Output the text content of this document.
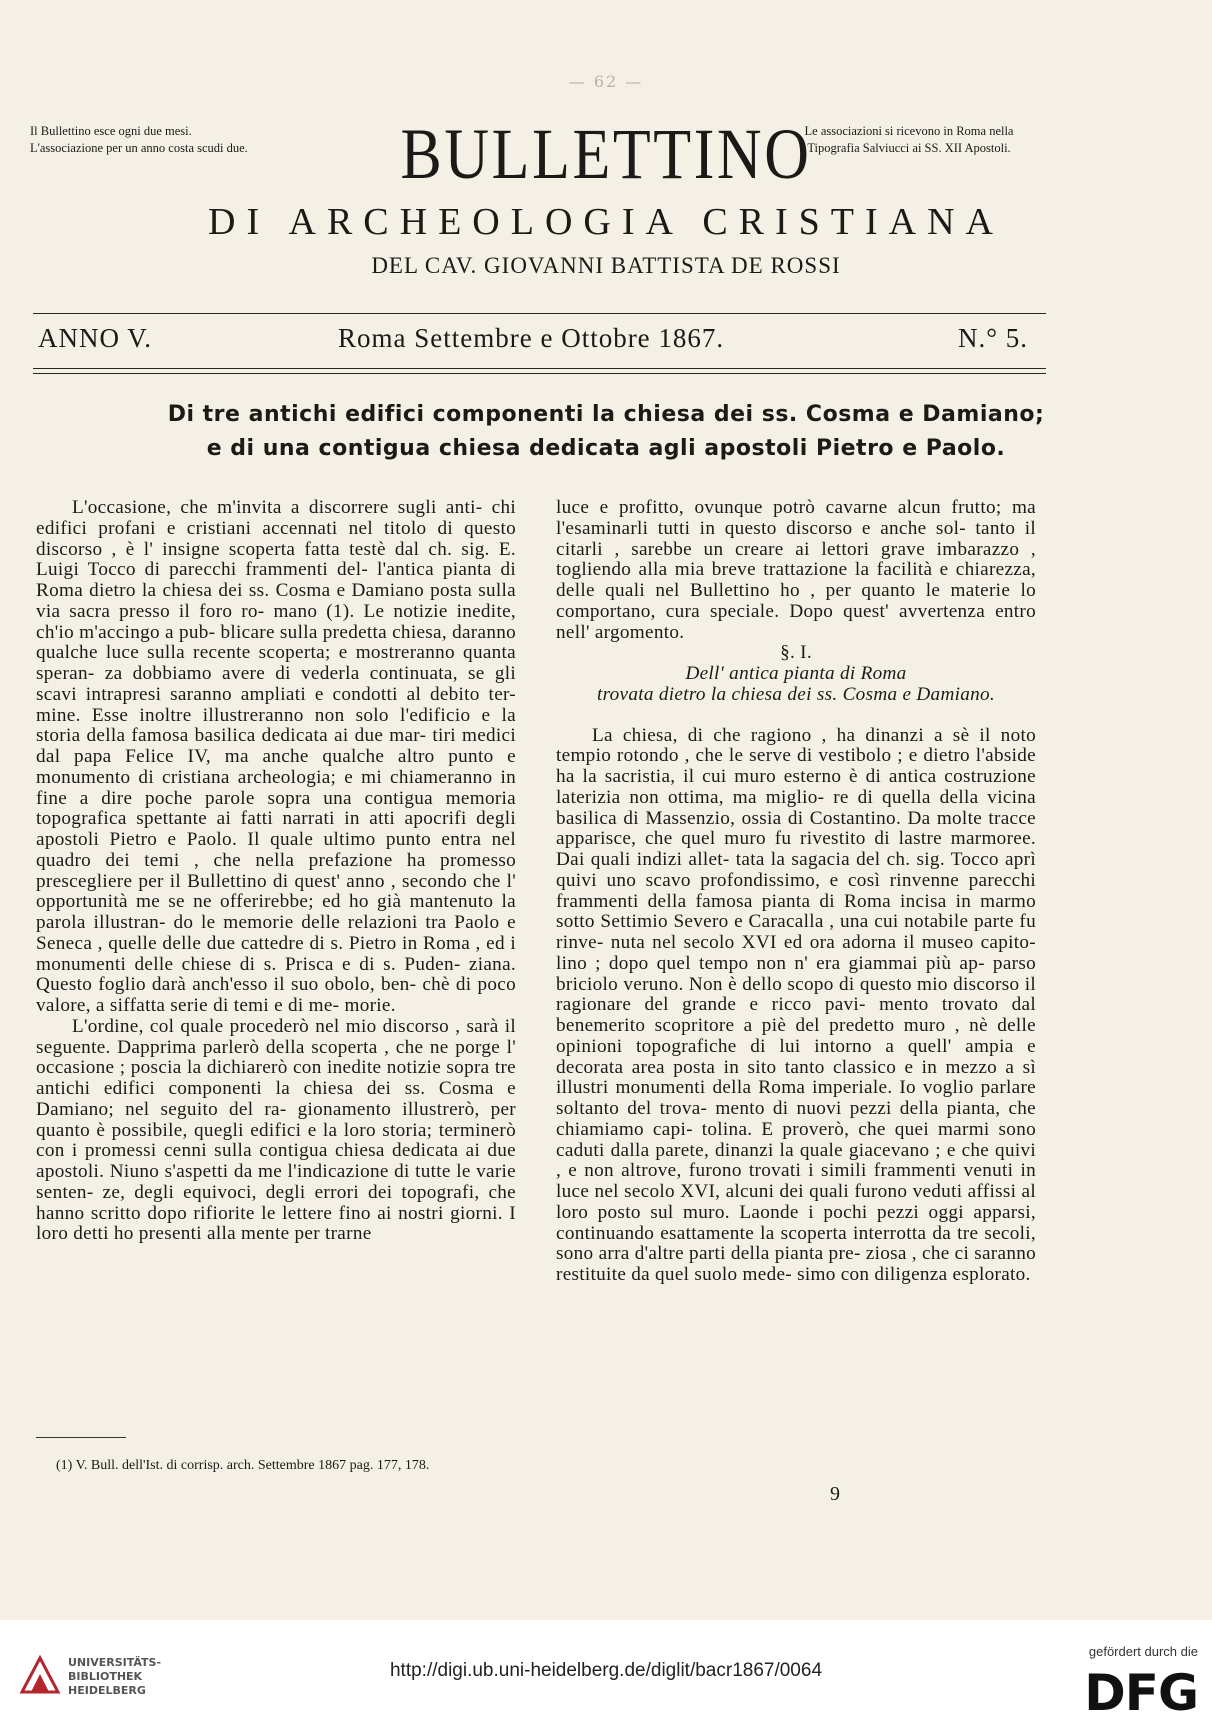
— 62 —
Il Bullettino esce ogni due mesi.
L'associazione per un anno costa scudi due.	BULLETTINO
Le associazioni si ricevono in Roma nella
Tipografia Salviucci ai SS. XII Apostoli.
DI ARCHEOLOGIA CRISTIANA
DEL CAV. GIOVANNI BATTISTA DE ROSSI
ANNO V.	Roma Settembre e Ottobre 1867.	N.° 5.
Di tre antichi edifici componenti la chiesa dei ss. Cosma e Damiano;
e di una contigua chiesa dedicata agli apostoli Pietro e Paolo.

L'occasione, che m'invita a discorrere sugli anti- chi edifici profani e cristiani accennati nel titolo di questo discorso , è l' insigne scoperta fatta testè dal ch. sig. E. Luigi Tocco di parecchi frammenti del- l'antica pianta di Roma dietro la chiesa dei ss. Cosma e Damiano posta sulla via sacra presso il foro ro- mano (1). Le notizie inedite, ch'io m'accingo a pub- blicare sulla predetta chiesa, daranno qualche luce sulla recente scoperta; e mostreranno quanta speran- za dobbiamo avere di vederla continuata, se gli scavi intrapresi saranno ampliati e condotti al debito ter- mine. Esse inoltre illustreranno non solo l'edificio e la storia della famosa basilica dedicata ai due mar- tiri medici dal papa Felice IV, ma anche qualche altro punto e monumento di cristiana archeologia; e mi chiameranno in fine a dire poche parole sopra una contigua memoria topografica spettante ai fatti narrati in atti apocrifi degli apostoli Pietro e Paolo. Il quale ultimo punto entra nel quadro dei temi , che nella prefazione ha promesso prescegliere per il Bullettino di quest' anno , secondo che l' opportunità me se ne offerirebbe; ed ho già mantenuto la parola illustran- do le memorie delle relazioni tra Paolo e Seneca , quelle delle due cattedre di s. Pietro in Roma , ed i monumenti delle chiese di s. Prisca e di s. Puden- ziana. Questo foglio darà anch'esso il suo obolo, ben- chè di poco valore, a siffatta serie di temi e di me- morie.

L'ordine, col quale procederò nel mio discorso , sarà il seguente. Dapprima parlerò della scoperta , che ne porge l' occasione ; poscia la dichiarerò con inedite notizie sopra tre antichi edifici componenti la chiesa dei ss. Cosma e Damiano; nel seguito del ra- gionamento illustrerò, per quanto è possibile, quegli edifici e la loro storia; terminerò con i promessi cenni sulla contigua chiesa dedicata ai due apostoli. Niuno s'aspetti da me l'indicazione di tutte le varie senten- ze, degli equivoci, degli errori dei topografi, che hanno scritto dopo rifiorite le lettere fino ai nostri giorni. I loro detti ho presenti alla mente per trarne

luce e profitto, ovunque potrò cavarne alcun frutto; ma l'esaminarli tutti in questo discorso e anche sol- tanto il citarli , sarebbe un creare ai lettori grave imbarazzo , togliendo alla mia breve trattazione la facilità e chiarezza, delle quali nel Bullettino ho , per quanto le materie lo comportano, cura speciale. Dopo quest' avvertenza entro nell' argomento.

§. I.

Dell' antica pianta di Roma

trovata dietro la chiesa dei ss. Cosma e Damiano.

La chiesa, di che ragiono , ha dinanzi a sè il noto tempio rotondo , che le serve di vestibolo ; e dietro l'abside ha la sacristia, il cui muro esterno è di antica costruzione laterizia non ottima, ma miglio- re di quella della vicina basilica di Massenzio, ossia di Costantino. Da molte tracce apparisce, che quel muro fu rivestito di lastre marmoree. Dai quali indizi allet- tata la sagacia del ch. sig. Tocco aprì quivi uno scavo profondissimo, e così rinvenne parecchi frammenti della famosa pianta di Roma incisa in marmo sotto Settimio Severo e Caracalla , una cui notabile parte fu rinve- nuta nel secolo XVI ed ora adorna il museo capito- lino ; dopo quel tempo non n' era giammai più ap- parso briciolo veruno. Non è dello scopo di questo mio discorso il ragionare del grande e ricco pavi- mento trovato dal benemerito scopritore a piè del predetto muro , nè delle opinioni topografiche di lui intorno a quell' ampia e decorata area posta in sito tanto classico e in mezzo a sì illustri monumenti della Roma imperiale. Io voglio parlare soltanto del trova- mento di nuovi pezzi della pianta, che chiamiamo capi- tolina. E proverò, che quei marmi sono caduti dalla parete, dinanzi la quale giacevano ; e che quivi , e non altrove, furono trovati i simili frammenti venuti in luce nel secolo XVI, alcuni dei quali furono veduti affissi al loro posto sul muro. Laonde i pochi pezzi oggi apparsi, continuando esattamente la scoperta interrotta da tre secoli, sono arra d'altre parti della pianta pre- ziosa , che ci saranno restituite da quel suolo mede- simo con diligenza esplorato.

(1) V. Bull. dell'Ist. di corrisp. arch. Settembre 1867 pag. 177, 178.
9
UNIVERSITÄTS-
BIBLIOTHEK
HEIDELBERG
http://digi.ub.uni-heidelberg.de/diglit/bacr1867/0064
gefördert durch die
DFG
